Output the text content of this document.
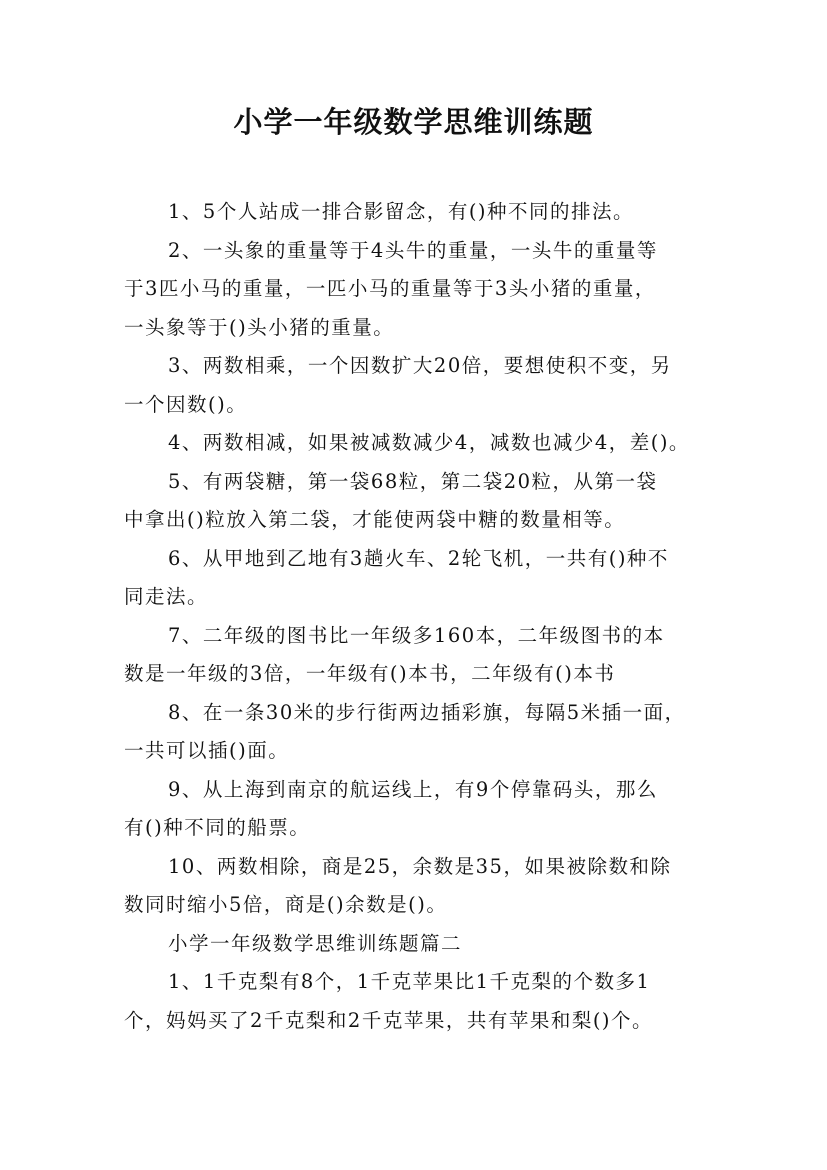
小学一年级数学思维训练题
1、5个人站成一排合影留念，有()种不同的排法。
2、一头象的重量等于4头牛的重量，一头牛的重量等
于3匹小马的重量，一匹小马的重量等于3头小猪的重量，
一头象等于()头小猪的重量。
3、两数相乘，一个因数扩大20倍，要想使积不变，另
一个因数()。
4、两数相减，如果被减数减少4，减数也减少4，差()。
5、有两袋糖，第一袋68粒，第二袋20粒，从第一袋
中拿出()粒放入第二袋，才能使两袋中糖的数量相等。
6、从甲地到乙地有3趟火车、2轮飞机，一共有()种不
同走法。
7、二年级的图书比一年级多160本，二年级图书的本
数是一年级的3倍，一年级有()本书，二年级有()本书
8、在一条30米的步行街两边插彩旗，每隔5米插一面，
一共可以插()面。
9、从上海到南京的航运线上，有9个停靠码头，那么
有()种不同的船票。
10、两数相除，商是25，余数是35，如果被除数和除
数同时缩小5倍，商是()余数是()。
小学一年级数学思维训练题篇二
1、1千克梨有8个，1千克苹果比1千克梨的个数多1
个，妈妈买了2千克梨和2千克苹果，共有苹果和梨()个。
